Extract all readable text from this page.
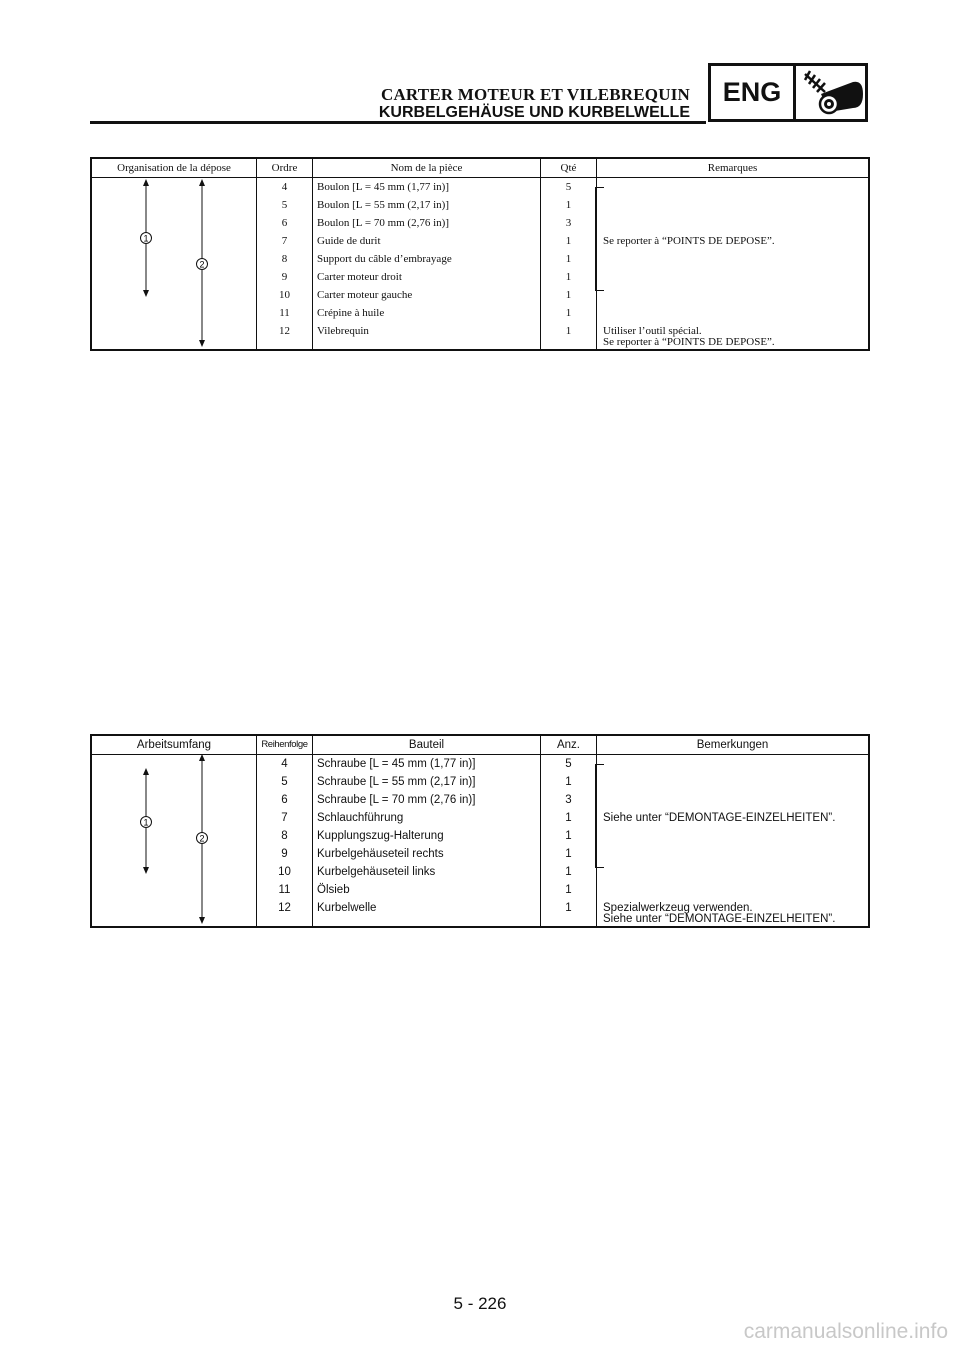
CARTER MOTEUR ET VILEBREQUIN
KURBELGEHÄUSE UND KURBELWELLE
ENG
Organisation de la dépose	Ordre	Nom de la pièce	Qté	Remarques
1
2
4	Boulon [L = 45 mm (1,77 in)]	5
5	Boulon [L = 55 mm (2,17 in)]	1
6	Boulon [L = 70 mm (2,76 in)]	3
7	Guide de durit	1	Se reporter à “POINTS DE DEPOSE”.
8	Support du câble d’embrayage	1
9	Carter moteur droit	1
10	Carter moteur gauche	1
11	Crépine à huile	1
12	Vilebrequin	1	Utiliser l’outil spécial.
Se reporter à “POINTS DE DEPOSE”.
Arbeitsumfang	Reihenfolge	Bauteil	Anz.	Bemerkungen
1
2
4	Schraube [L = 45 mm (1,77 in)]	5
5	Schraube [L = 55 mm (2,17 in)]	1
6	Schraube [L = 70 mm (2,76 in)]	3
7	Schlauchführung	1	Siehe unter “DEMONTAGE-EINZELHEITEN”.
8	Kupplungszug-Halterung	1
9	Kurbelgehäuseteil rechts	1
10	Kurbelgehäuseteil links	1
11	Ölsieb	1
12	Kurbelwelle	1	Spezialwerkzeug verwenden.
Siehe unter “DEMONTAGE-EINZELHEITEN”.
5 - 226
carmanualsonline.info
